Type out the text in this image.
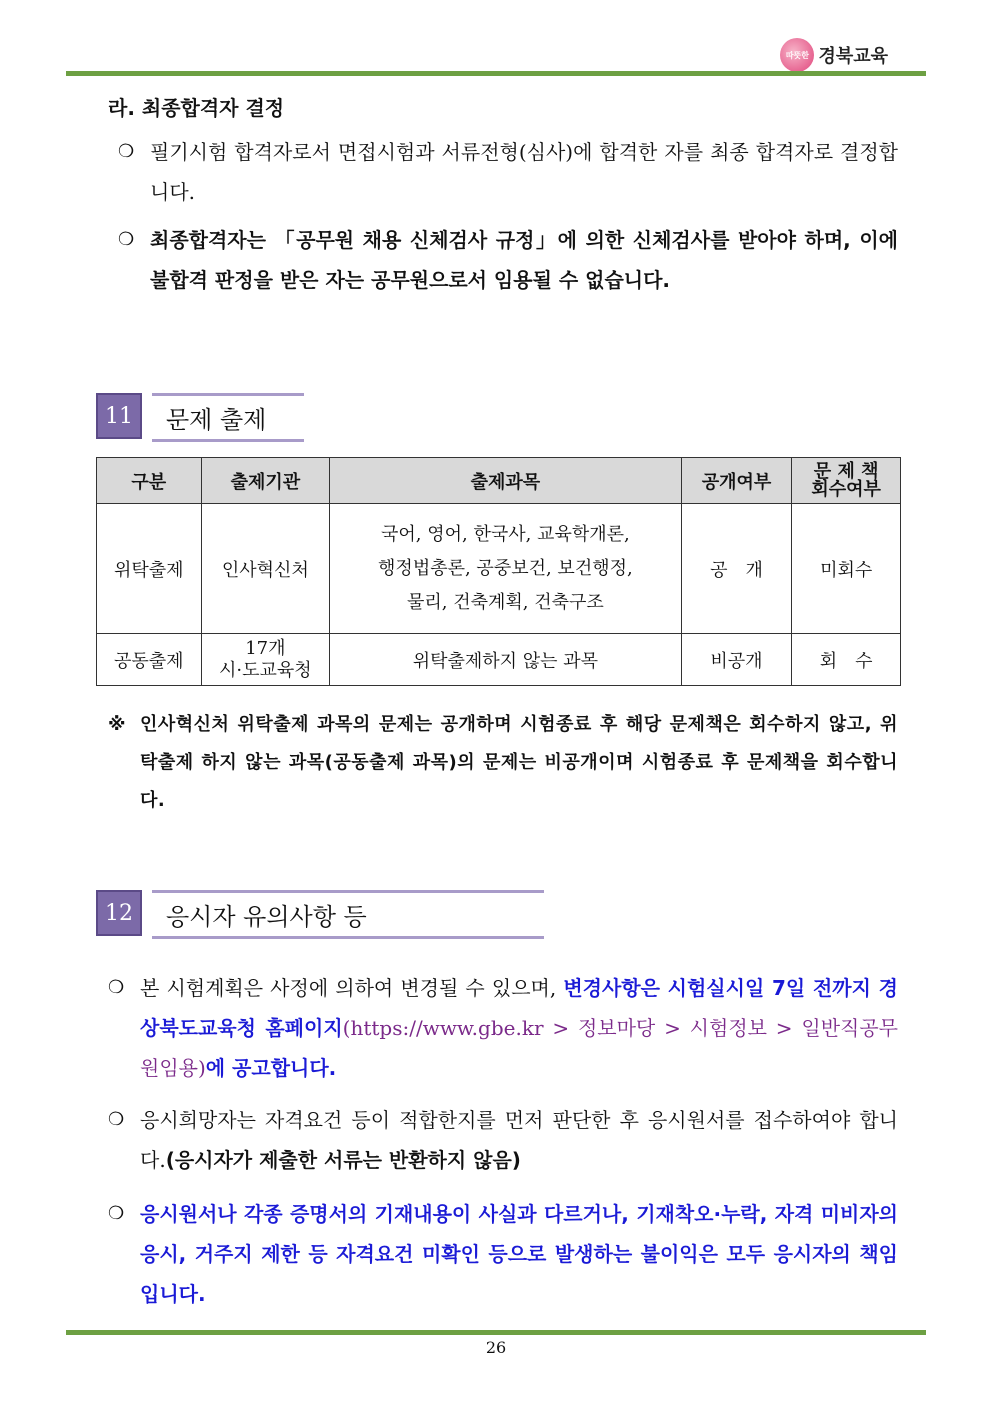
따뜻한 경북교육
라. 최종합격자 결정
❍ 필기시험 합격자로서 면접시험과 서류전형(심사)에 합격한 자를 최종 합격자로 결정합니다.
❍ 최종합격자는 「공무원 채용 신체검사 규정」에 의한 신체검사를 받아야 하며, 이에 불합격 판정을 받은 자는 공무원으로서 임용될 수 없습니다.
11	문제 출제
구분	출제기관	출제과목	공개여부	문 제 책
회수여부

위탁출제	인사혁신처	국어, 영어, 한국사, 교육학개론,
행정법총론, 공중보건, 보건행정,
물리, 건축계획, 건축구조	공　개	미회수
공동출제	17개
시·도교육청	위탁출제하지 않는 과목	비공개	회　수
※ 인사혁신처 위탁출제 과목의 문제는 공개하며 시험종료 후 해당 문제책은 회수하지 않고, 위탁출제 하지 않는 과목(공동출제 과목)의 문제는 비공개이며 시험종료 후 문제책을 회수합니다.
12	응시자 유의사항 등
❍ 본 시험계획은 사정에 의하여 변경될 수 있으며, 변경사항은 시험실시일 7일 전까지 경상북도교육청 홈페이지(https://www.gbe.kr > 정보마당 > 시험정보 > 일반직공무원임용)에 공고합니다.
❍ 응시희망자는 자격요건 등이 적합한지를 먼저 판단한 후 응시원서를 접수하여야 합니다.(응시자가 제출한 서류는 반환하지 않음)
❍ 응시원서나 각종 증명서의 기재내용이 사실과 다르거나, 기재착오·누락, 자격 미비자의 응시, 거주지 제한 등 자격요건 미확인 등으로 발생하는 불이익은 모두 응시자의 책임입니다.
26
